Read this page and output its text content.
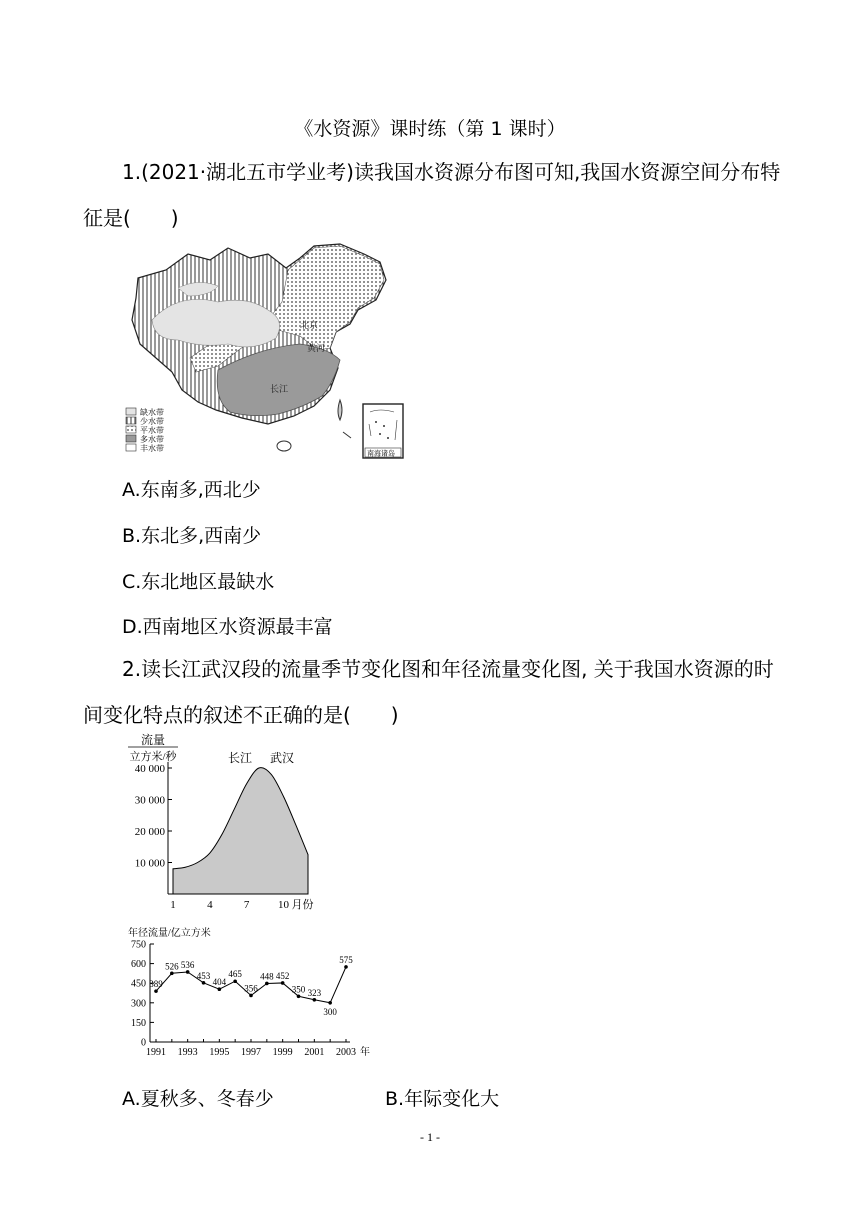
《水资源》课时练（第 1 课时）
1.(2021·湖北五市学业考)读我国水资源分布图可知,我国水资源空间分布特
征是(　　)
北京
黄河
长江
缺水带
少水带
平水带
多水带
丰水带
南海诸岛
A.东南多,西北少
B.东北多,西南少
C.东北地区最缺水
D.西南地区水资源最丰富
2.读长江武汉段的流量季节变化图和年径流量变化图, 关于我国水资源的时
间变化特点的叙述不正确的是(　　)
流量
立方米/秒
10 000
20 000
30 000
40 000
1	4	7	10 月份
长江 武汉
年径流量/亿立方米
0
150
300
450
600
750
1991 1993 1995 1997 1999 2001 2003 年
389
526 536
453
404
465
356
448 452
350 323
300
575
A.夏秋多、冬春少	B.年际变化大
- 1 -
